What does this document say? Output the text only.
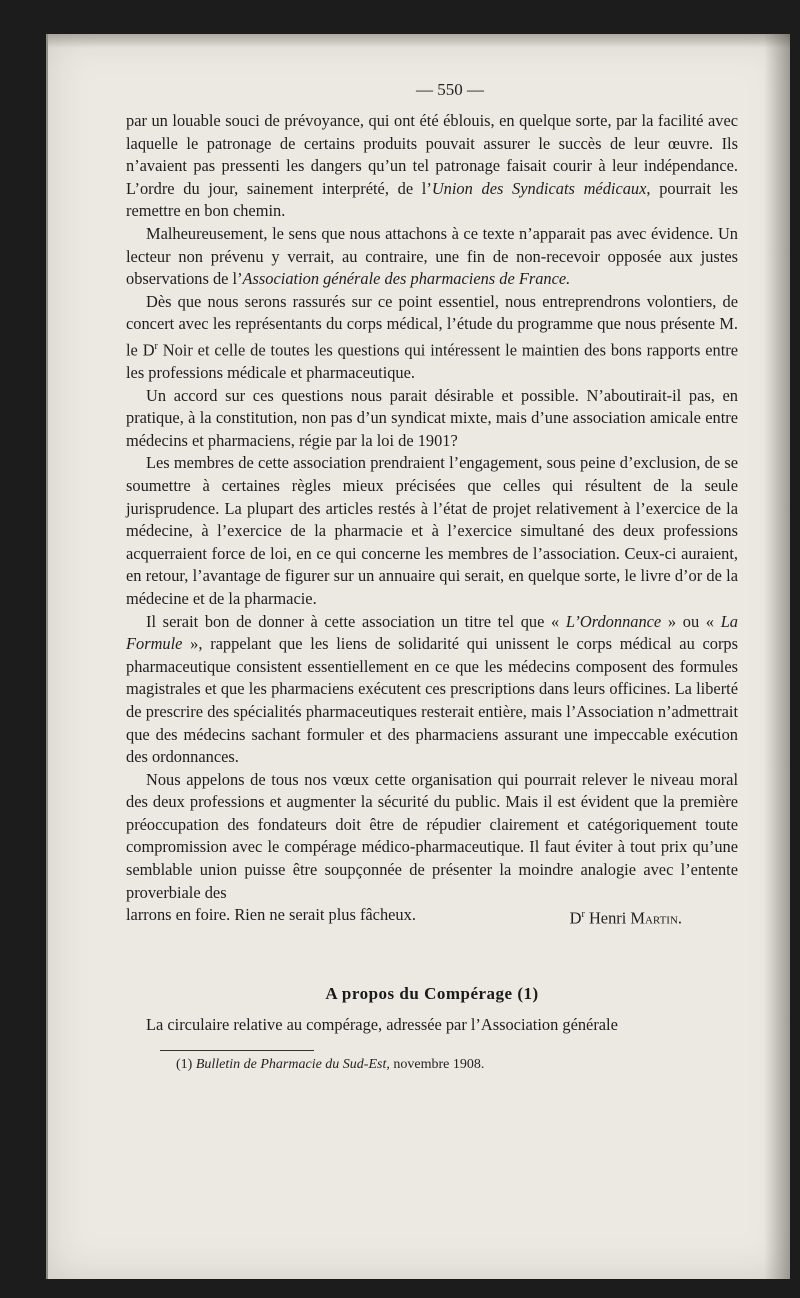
— 550 —

par un louable souci de prévoyance, qui ont été éblouis, en quelque sorte, par la facilité avec laquelle le patronage de certains produits pouvait assurer le succès de leur œuvre. Ils n’avaient pas pressenti les dangers qu’un tel patronage faisait courir à leur indépendance. L’ordre du jour, sainement interprété, de l’Union des Syndicats médicaux, pourrait les remettre en bon chemin.

Malheureusement, le sens que nous attachons à ce texte n’apparait pas avec évidence. Un lecteur non prévenu y verrait, au contraire, une fin de non-recevoir opposée aux justes observations de l’Association générale des pharmaciens de France.

Dès que nous serons rassurés sur ce point essentiel, nous entreprendrons volontiers, de concert avec les représentants du corps médical, l’étude du programme que nous présente M. le $D^r$ Noir et celle de toutes les questions qui intéressent le maintien des bons rapports entre les professions médicale et pharmaceutique.

Un accord sur ces questions nous parait désirable et possible. N’aboutirait-il pas, en pratique, à la constitution, non pas d’un syndicat mixte, mais d’une association amicale entre médecins et pharmaciens, régie par la loi de 1901?

Les membres de cette association prendraient l’engagement, sous peine d’exclusion, de se soumettre à certaines règles mieux précisées que celles qui résultent de la seule jurisprudence. La plupart des articles restés à l’état de projet relativement à l’exercice de la médecine, à l’exercice de la pharmacie et à l’exercice simultané des deux professions acquerraient force de loi, en ce qui concerne les membres de l’association. Ceux-ci auraient, en retour, l’avantage de figurer sur un annuaire qui serait, en quelque sorte, le livre d’or de la médecine et de la pharmacie.

Il serait bon de donner à cette association un titre tel que « L’Ordonnance » ou « La Formule », rappelant que les liens de solidarité qui unissent le corps médical au corps pharmaceutique consistent essentiellement en ce que les médecins composent des formules magistrales et que les pharmaciens exécutent ces prescriptions dans leurs officines. La liberté de prescrire des spécialités pharmaceutiques resterait entière, mais l’Association n’admettrait que des médecins sachant formuler et des pharmaciens assurant une impeccable exécution des ordonnances.

Nous appelons de tous nos vœux cette organisation qui pourrait relever le niveau moral des deux professions et augmenter la sécurité du public. Mais il est évident que la première préoccupation des fondateurs doit être de répudier clairement et catégoriquement toute compromission avec le compérage médico-pharmaceutique. Il faut éviter à tout prix qu’une semblable union puisse être soupçonnée de présenter la moindre analogie avec l’entente proverbiale des

larrons en foire. Rien ne serait plus fâcheux.	$D^r$ Henri Martin.
A propos du Compérage (1)
La circulaire relative au compérage, adressée par l’Association générale
(1) Bulletin de Pharmacie du Sud-Est, novembre 1908.
